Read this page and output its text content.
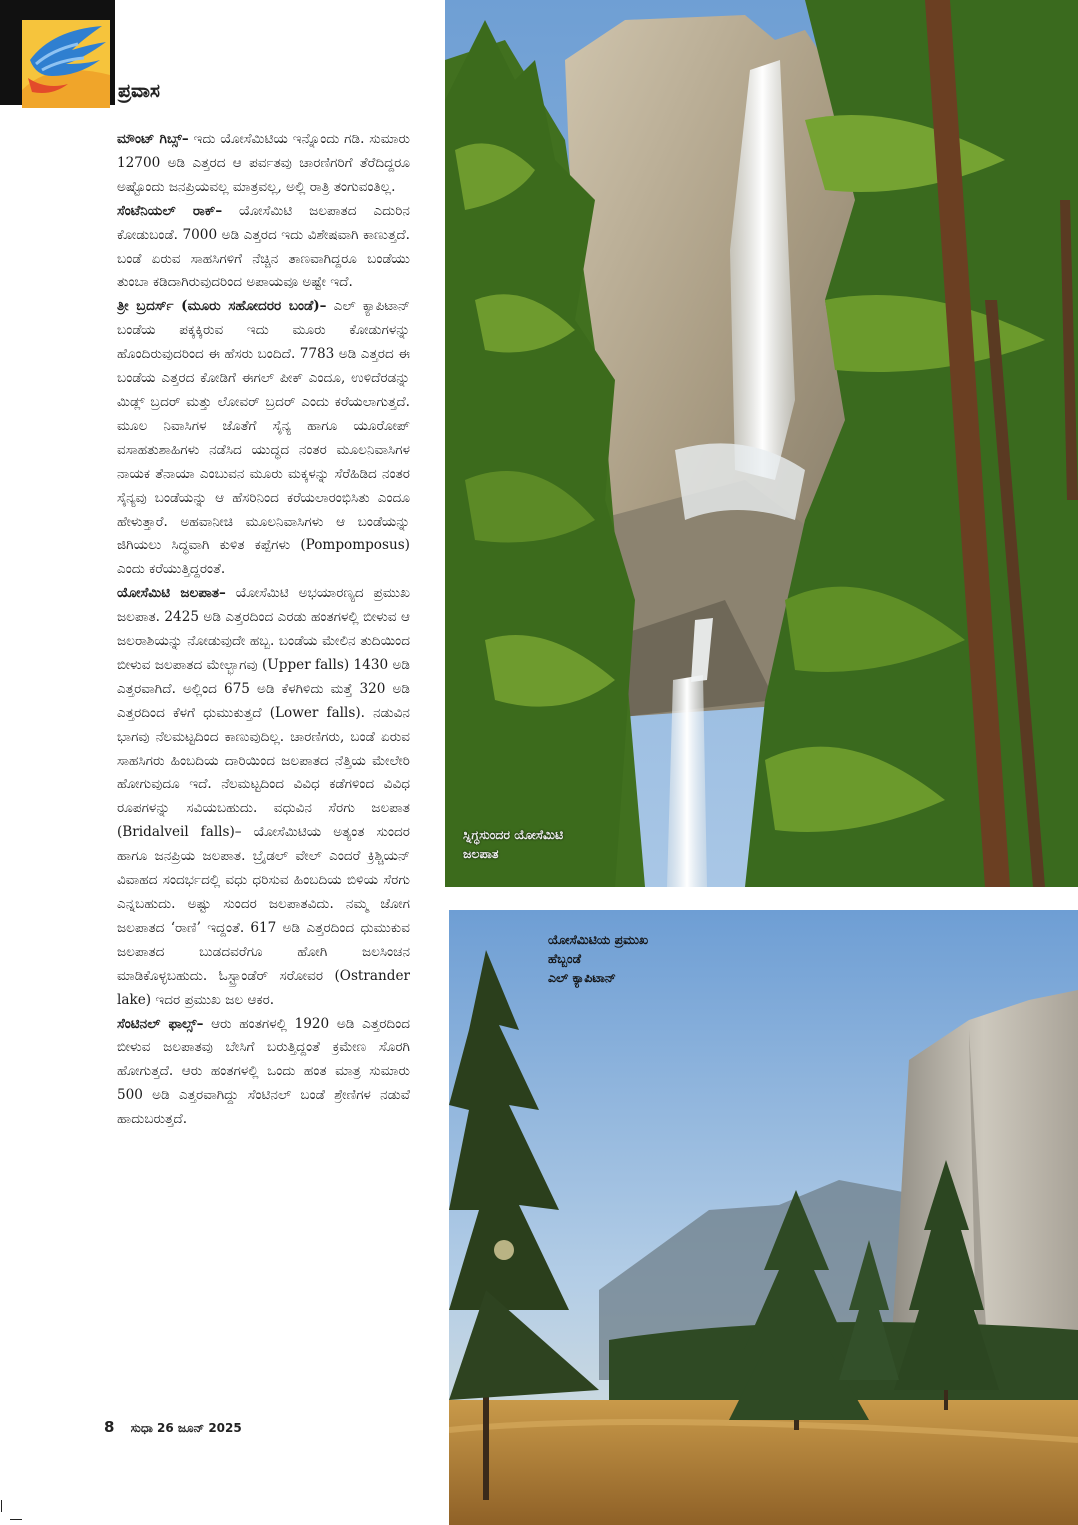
ಪ್ರವಾಸ

ಮೌಂಟ್ ಗಿಬ್ಸ್– ಇದು ಯೋಸೆಮಿಟಿಯ ಇನ್ನೊಂದು ಗಡಿ. ಸುಮಾರು 12700 ಅಡಿ ಎತ್ತರದ ಆ ಪರ್ವತವು ಚಾರಣಿಗರಿಗೆ ತೆರೆದಿದ್ದರೂ ಅಷ್ಟೊಂದು ಜನಪ್ರಿಯವಲ್ಲ ಮಾತ್ರವಲ್ಲ, ಅಲ್ಲಿ ರಾತ್ರಿ ತಂಗುವಂತಿಲ್ಲ.

ಸೆಂಟೆನಿಯಲ್ ರಾಕ್– ಯೋಸೆಮಿಟಿ ಜಲಪಾತದ ಎದುರಿನ ಕೋಡುಬಂಡೆ. 7000 ಅಡಿ ಎತ್ತರದ ಇದು ವಿಶೇಷವಾಗಿ ಕಾಣುತ್ತದೆ. ಬಂಡೆ ಏರುವ ಸಾಹಸಿಗಳಿಗೆ ನೆಚ್ಚಿನ ತಾಣವಾಗಿದ್ದರೂ ಬಂಡೆಯು ತುಂಬಾ ಕಡಿದಾಗಿರುವುದರಿಂದ ಅಪಾಯವೂ ಅಷ್ಟೇ ಇದೆ.

ತ್ರೀ ಬ್ರದರ್ಸ್ (ಮೂರು ಸಹೋದರರ ಬಂಡೆ)– ಎಲ್ ಕ್ಯಾಪಿಟಾನ್ ಬಂಡೆಯ ಪಕ್ಕಕ್ಕಿರುವ ಇದು ಮೂರು ಕೋಡುಗಳನ್ನು ಹೊಂದಿರುವುದರಿಂದ ಈ ಹೆಸರು ಬಂದಿದೆ. 7783 ಅಡಿ ಎತ್ತರದ ಈ ಬಂಡೆಯ ಎತ್ತರದ ಕೋಡಿಗೆ ಈಗಲ್ ಪೀಕ್ ಎಂದೂ, ಉಳಿದೆರಡನ್ನು ಮಿಡ್ಲ್ ಬ್ರದರ್ ಮತ್ತು ಲೋವರ್ ಬ್ರದರ್ ಎಂದು ಕರೆಯಲಾಗುತ್ತದೆ. ಮೂಲ ನಿವಾಸಿಗಳ ಜೊತೆಗೆ ಸೈನ್ಯ ಹಾಗೂ ಯೂರೋಪ್ ವಸಾಹತುಶಾಹಿಗಳು ನಡೆಸಿದ ಯುದ್ಧದ ನಂತರ ಮೂಲನಿವಾಸಿಗಳ ನಾಯಕ ತೆನಾಯಾ ಎಂಬುವನ ಮೂರು ಮಕ್ಕಳನ್ನು ಸೆರೆಹಿಡಿದ ನಂತರ ಸೈನ್ಯವು ಬಂಡೆಯನ್ನು ಆ ಹೆಸರಿನಿಂದ ಕರೆಯಲಾರಂಭಿಸಿತು ಎಂದೂ ಹೇಳುತ್ತಾರೆ. ಅಹವಾನೀಚಿ ಮೂಲನಿವಾಸಿಗಳು ಆ ಬಂಡೆಯನ್ನು ಜಿಗಿಯಲು ಸಿದ್ಧವಾಗಿ ಕುಳಿತ ಕಪ್ಪೆಗಳು (Pompomposus) ಎಂದು ಕರೆಯುತ್ತಿದ್ದರಂತೆ.

ಯೋಸೆಮಿಟಿ ಜಲಪಾತ– ಯೋಸೆಮಿಟಿ ಅಭಯಾರಣ್ಯದ ಪ್ರಮುಖ ಜಲಪಾತ. 2425 ಅಡಿ ಎತ್ತರದಿಂದ ಎರಡು ಹಂತಗಳಲ್ಲಿ ಬೀಳುವ ಆ ಜಲರಾಶಿಯನ್ನು ನೋಡುವುದೇ ಹಬ್ಬ. ಬಂಡೆಯ ಮೇಲಿನ ತುದಿಯಿಂದ ಬೀಳುವ ಜಲಪಾತದ ಮೇಲ್ಭಾಗವು (Upper falls) 1430 ಅಡಿ ಎತ್ತರವಾಗಿದೆ. ಅಲ್ಲಿಂದ 675 ಅಡಿ ಕೆಳಗಿಳಿದು ಮತ್ತೆ 320 ಅಡಿ ಎತ್ತರದಿಂದ ಕೆಳಗೆ ಧುಮುಕುತ್ತದೆ (Lower falls). ನಡುವಿನ ಭಾಗವು ನೆಲಮಟ್ಟದಿಂದ ಕಾಣುವುದಿಲ್ಲ. ಚಾರಣಿಗರು, ಬಂಡೆ ಏರುವ ಸಾಹಸಿಗರು ಹಿಂಬದಿಯ ದಾರಿಯಿಂದ ಜಲಪಾತದ ನೆತ್ತಿಯ ಮೇಲೇರಿ ಹೋಗುವುದೂ ಇದೆ. ನೆಲಮಟ್ಟದಿಂದ ವಿವಿಧ ಕಡೆಗಳಿಂದ ವಿವಿಧ ರೂಪಗಳನ್ನು ಸವಿಯಬಹುದು. ವಧುವಿನ ಸೆರಗು ಜಲಪಾತ (Bridalveil falls)– ಯೋಸೆಮಿಟಿಯ ಅತ್ಯಂತ ಸುಂದರ ಹಾಗೂ ಜನಪ್ರಿಯ ಜಲಪಾತ. ಬ್ರೈಡಲ್ ವೇಲ್ ಎಂದರೆ ಕ್ರಿಶ್ಚಿಯನ್ ವಿವಾಹದ ಸಂದರ್ಭದಲ್ಲಿ ವಧು ಧರಿಸುವ ಹಿಂಬದಿಯ ಬಿಳಿಯ ಸೆರಗು ಎನ್ನಬಹುದು. ಅಷ್ಟು ಸುಂದರ ಜಲಪಾತವಿದು. ನಮ್ಮ ಜೋಗ ಜಲಪಾತದ ‘ರಾಣಿ’ ಇದ್ದಂತೆ. 617 ಅಡಿ ಎತ್ತರದಿಂದ ಧುಮುಕುವ ಜಲಪಾತದ ಬುಡದವರೆಗೂ ಹೋಗಿ ಜಲಸಿಂಚನ ಮಾಡಿಕೊಳ್ಳಬಹುದು. ಓಸ್ಟ್ರಾಂಡೆರ್ ಸರೋವರ (Ostrander lake) ಇದರ ಪ್ರಮುಖ ಜಲ ಆಕರ.

ಸೆಂಟಿನಲ್ ಫಾಲ್ಸ್– ಆರು ಹಂತಗಳಲ್ಲಿ 1920 ಅಡಿ ಎತ್ತರದಿಂದ ಬೀಳುವ ಜಲಪಾತವು ಬೇಸಿಗೆ ಬರುತ್ತಿದ್ದಂತೆ ಕ್ರಮೇಣ ಸೊರಗಿ ಹೋಗುತ್ತದೆ. ಆರು ಹಂತಗಳಲ್ಲಿ ಒಂದು ಹಂತ ಮಾತ್ರ ಸುಮಾರು 500 ಅಡಿ ಎತ್ತರವಾಗಿದ್ದು ಸೆಂಟಿನಲ್ ಬಂಡೆ ಶ್ರೇಣಿಗಳ ನಡುವೆ ಹಾದುಬರುತ್ತದೆ.

8 ಸುಧಾ 26 ಜೂನ್ 2025
ಸ್ನಿಗ್ಧಸುಂದರ ಯೋಸೆಮಿಟಿ
ಜಲಪಾತ
ಯೋಸೆಮಿಟಿಯ ಪ್ರಮುಖ
ಹೆಬ್ಬಂಡೆ
ಎಲ್ ಕ್ಯಾಪಿಟಾನ್
